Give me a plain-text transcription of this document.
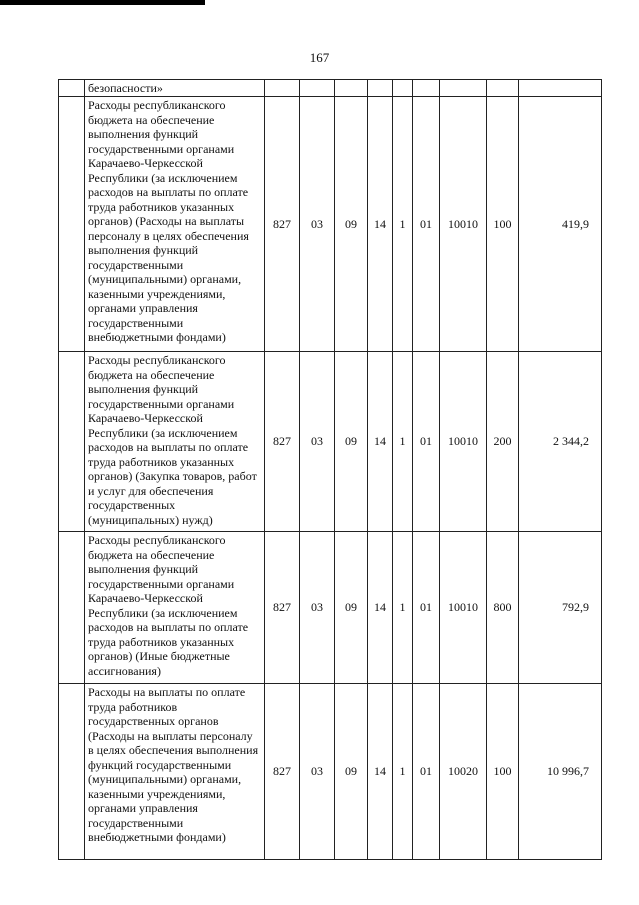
167
	безопасности»									
	Расходы республиканского бюджета на обеспечение выполнения функций государственными органами Карачаево-Черкесской Республики (за исключением расходов на выплаты по оплате труда работников указанных органов) (Расходы на выплаты персоналу в целях обеспечения выполнения функций государственными (муниципальными) органами, казенными учреждениями, органами управления государственными внебюджетными фондами)	827	03	09	14	1	01	10010	100	419,9
	Расходы республиканского бюджета на обеспечение выполнения функций государственными органами Карачаево-Черкесской Республики (за исключением расходов на выплаты по оплате труда работников указанных органов) (Закупка товаров, работ и услуг для обеспечения государственных (муниципальных) нужд)	827	03	09	14	1	01	10010	200	2 344,2
	Расходы республиканского бюджета на обеспечение выполнения функций государственными органами Карачаево-Черкесской Республики (за исключением расходов на выплаты по оплате труда работников указанных органов) (Иные бюджетные ассигнования)	827	03	09	14	1	01	10010	800	792,9
	Расходы на выплаты по оплате труда работников государственных органов (Расходы на выплаты персоналу в целях обеспечения выполнения функций государственными (муниципальными) органами, казенными учреждениями, органами управления государственными внебюджетными фондами)	827	03	09	14	1	01	10020	100	10 996,7
